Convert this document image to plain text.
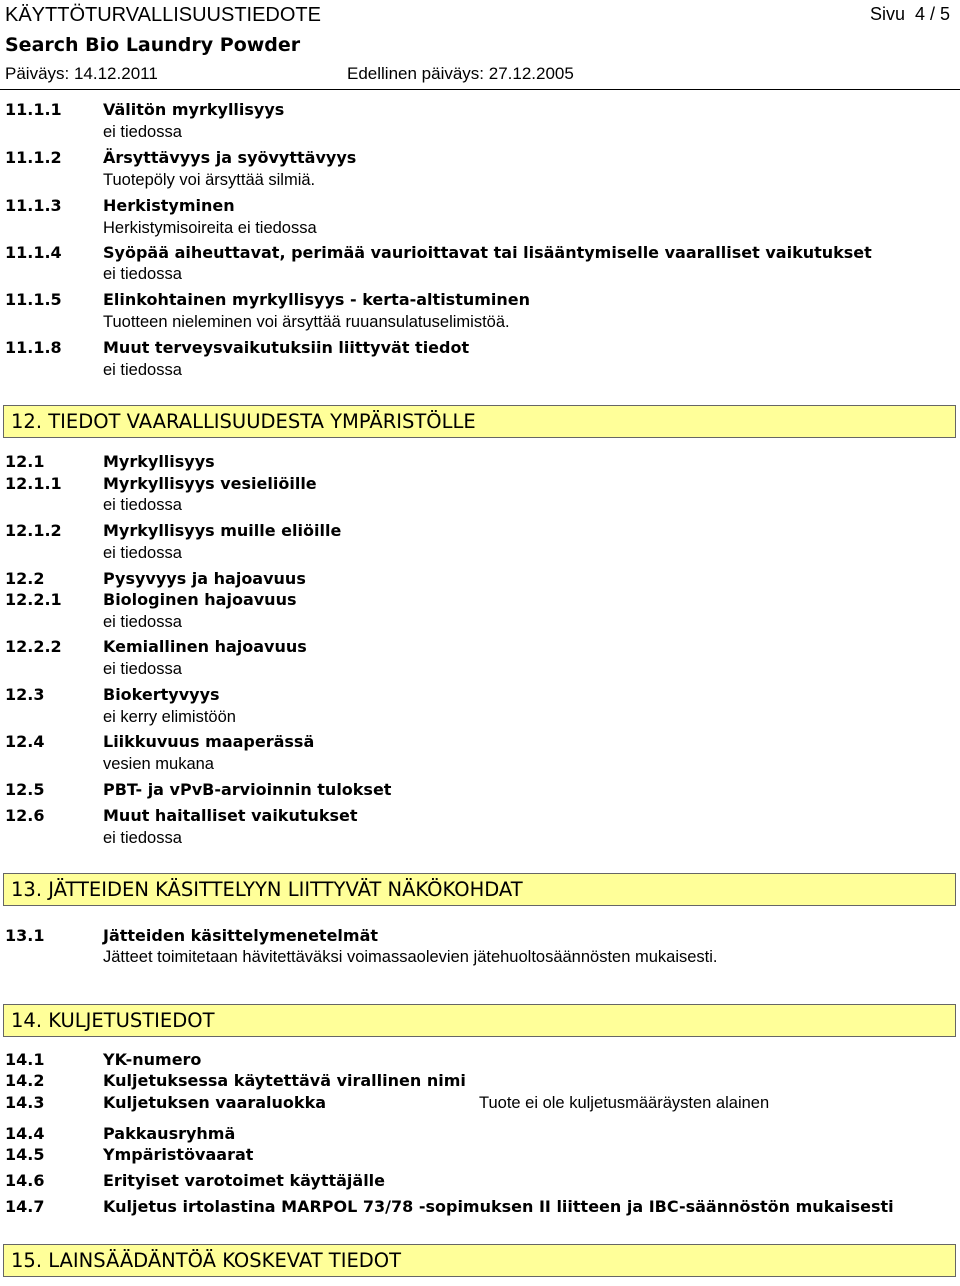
KÄYTTÖTURVALLISUUSTIEDOTE	Sivu 4 / 5
Search Bio Laundry Powder
Päiväys: 14.12.2011	Edellinen päiväys: 27.12.2005
11.1.1	Välitön myrkyllisyys
ei tiedossa
11.1.2	Ärsyttävyys ja syövyttävyys
Tuotepöly voi ärsyttää silmiä.
11.1.3	Herkistyminen
Herkistymisoireita ei tiedossa
11.1.4	Syöpää aiheuttavat, perimää vaurioittavat tai lisääntymiselle vaaralliset vaikutukset
ei tiedossa
11.1.5	Elinkohtainen myrkyllisyys - kerta-altistuminen
Tuotteen nieleminen voi ärsyttää ruuansulatuselimistöä.
11.1.8	Muut terveysvaikutuksiin liittyvät tiedot
ei tiedossa
12. TIEDOT VAARALLISUUDESTA YMPÄRISTÖLLE
12.1	Myrkyllisyys
12.1.1	Myrkyllisyys vesieliöille
ei tiedossa
12.1.2	Myrkyllisyys muille eliöille
ei tiedossa
12.2	Pysyvyys ja hajoavuus
12.2.1	Biologinen hajoavuus
ei tiedossa
12.2.2	Kemiallinen hajoavuus
ei tiedossa
12.3	Biokertyvyys
ei kerry elimistöön
12.4	Liikkuvuus maaperässä
vesien mukana
12.5	PBT- ja vPvB-arvioinnin tulokset
12.6	Muut haitalliset vaikutukset
ei tiedossa
13. JÄTTEIDEN KÄSITTELYYN LIITTYVÄT NÄKÖKOHDAT
13.1	Jätteiden käsittelymenetelmät
Jätteet toimitetaan hävitettäväksi voimassaolevien jätehuoltosäännösten mukaisesti.
14. KULJETUSTIEDOT
14.1	YK-numero
14.2	Kuljetuksessa käytettävä virallinen nimi
14.3	Kuljetuksen vaaraluokka	Tuote ei ole kuljetusmääräysten alainen
14.4	Pakkausryhmä
14.5	Ympäristövaarat
14.6	Erityiset varotoimet käyttäjälle
14.7	Kuljetus irtolastina MARPOL 73/78 -sopimuksen II liitteen ja IBC-säännöstön mukaisesti
15. LAINSÄÄDÄNTÖÄ KOSKEVAT TIEDOT
